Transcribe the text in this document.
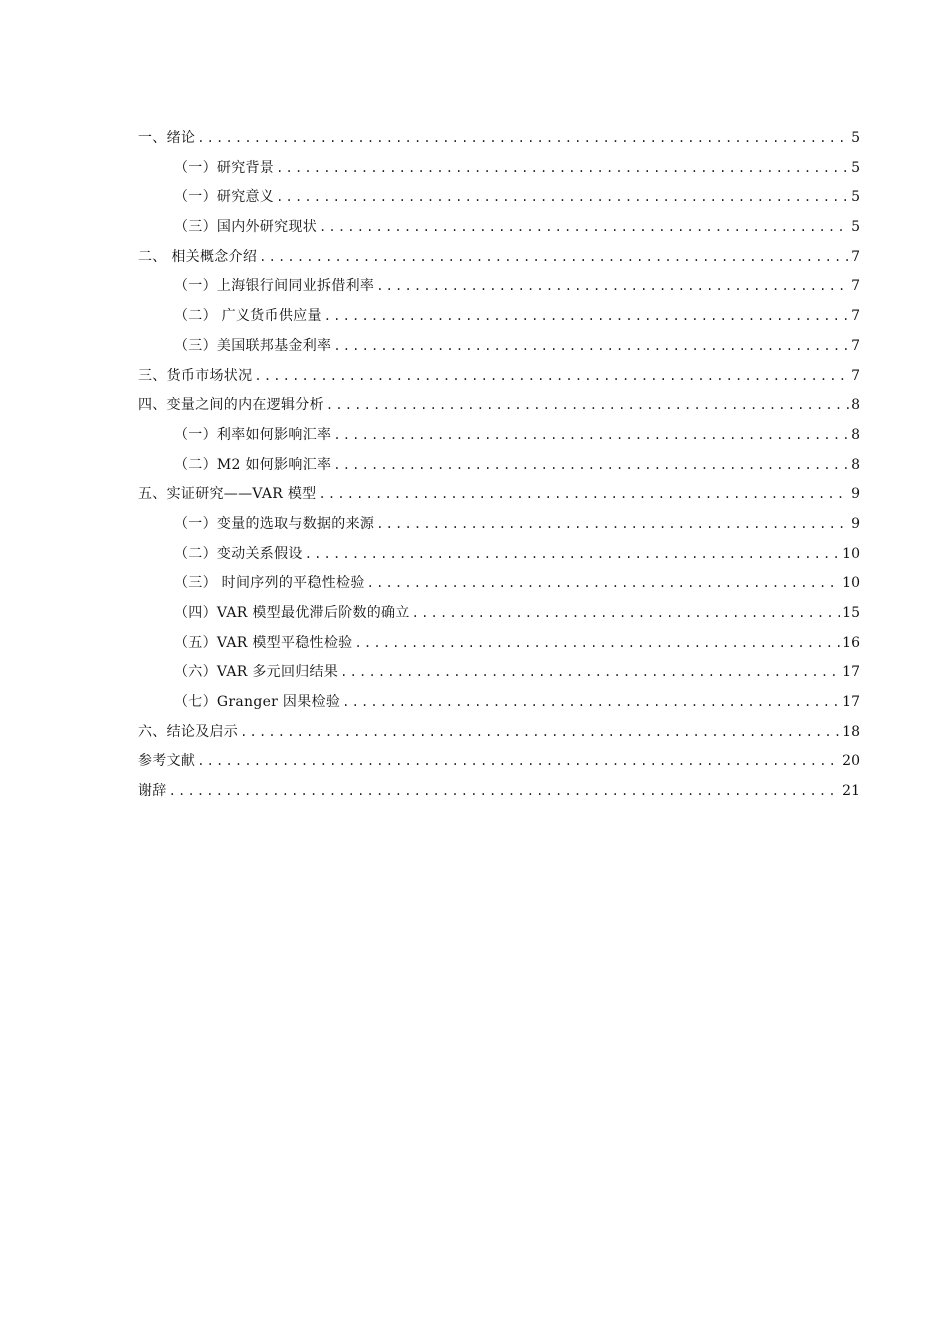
一、绪论 .....	5
（一）研究背景 .....	5
（一）研究意义 .....	5
（三）国内外研究现状 .....	5
二、 相关概念介绍 .....	7
（一）上海银行间同业拆借利率 .....	7
（二） 广义货币供应量 .....	7
（三）美国联邦基金利率 .....	7
三、货币市场状况 .....	7
四、变量之间的内在逻辑分析 .....	8
（一）利率如何影响汇率 .....	8
（二）M2 如何影响汇率 .....	8
五、实证研究——VAR 模型 .....	9
（一）变量的选取与数据的来源 .....	9
（二）变动关系假设 .....	10
（三） 时间序列的平稳性检验 .....	10
（四）VAR 模型最优滞后阶数的确立 .....	15
（五）VAR 模型平稳性检验 .....	16
（六）VAR 多元回归结果 .....	17
（七）Granger 因果检验 .....	17
六、结论及启示 .....	18
参考文献 .....	20
谢辞 .....	21
